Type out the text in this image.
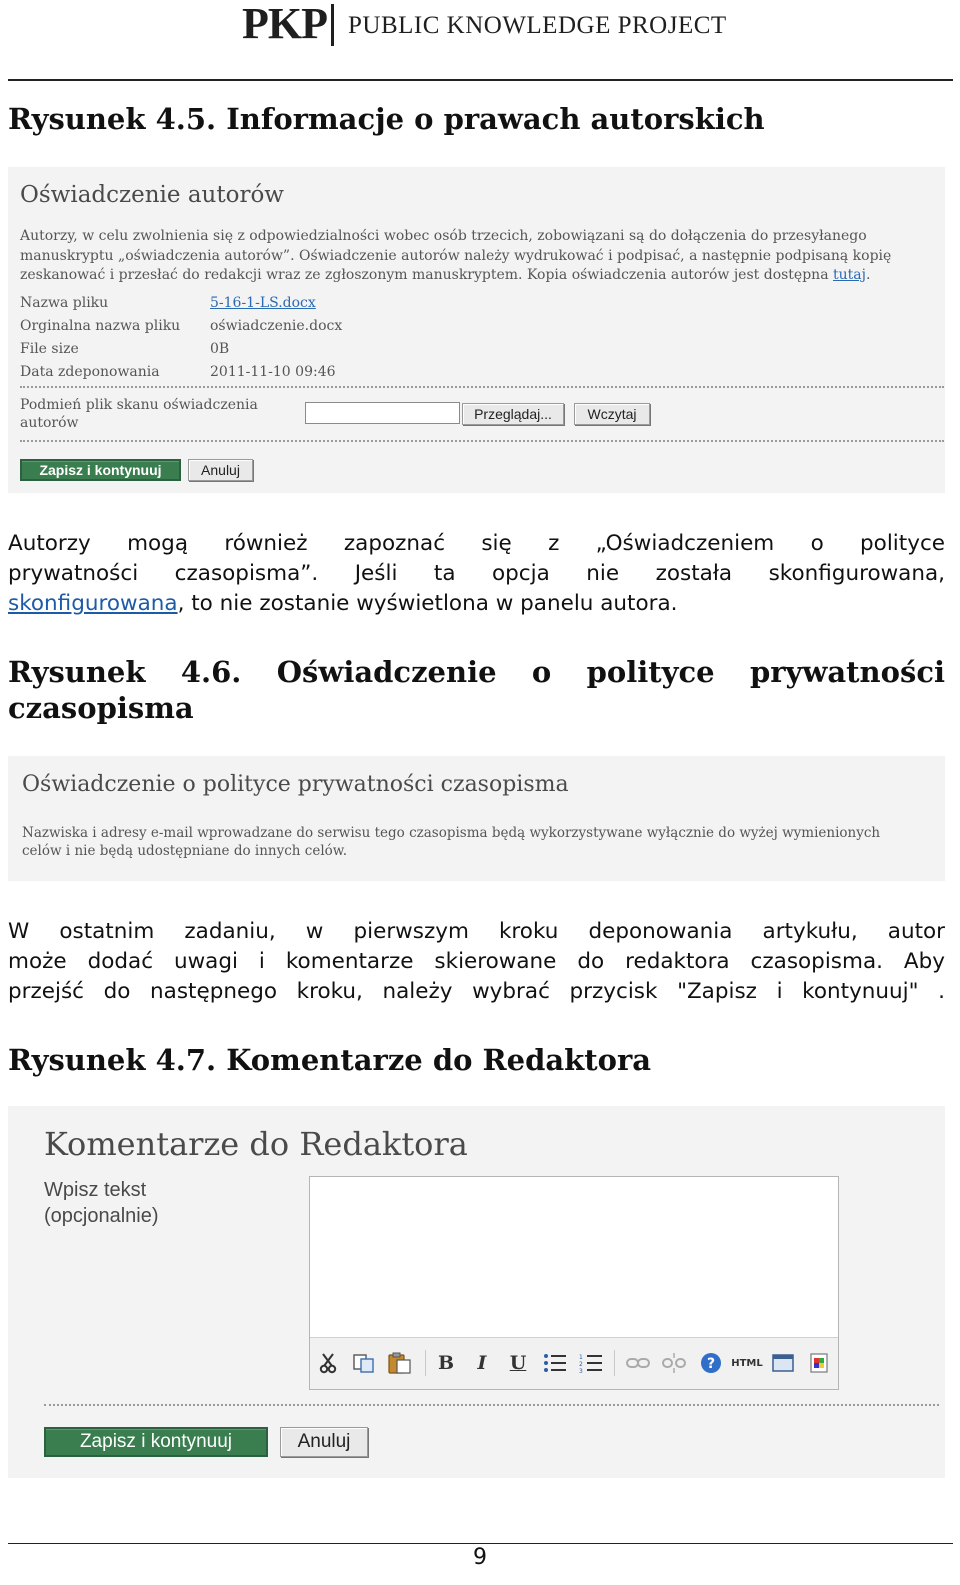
PKP PUBLIC KNOWLEDGE PROJECT
Rysunek 4.5. Informacje o prawach autorskich
Oświadczenie autorów
Autorzy, w celu zwolnienia się z odpowiedzialności wobec osób trzecich, zobowiązani są do dołączenia do przesyłanego
manuskryptu „oświadczenia autorów”. Oświadczenie autorów należy wydrukować i podpisać, a następnie podpisaną kopię
zeskanować i przesłać do redakcji wraz ze zgłoszonym manuskryptem. Kopia oświadczenia autorów jest dostępna tutaj.
Nazwa pliku	5-16-1-LS.docx
Orginalna nazwa pliku oświadczenie.docx
File size	0B
Data zdeponowania	2011-11-10 09:46
Podmień plik skanu oświadczenia
autorów
Przeglądaj...	Wczytaj
Zapisz i kontynuuj	Anuluj
Autorzy mogą również zapoznać się z „Oświadczeniem o polityce
prywatności czasopisma”. Jeśli ta opcja nie została skonfigurowana,
skonfigurowana, to nie zostanie wyświetlona w panelu autora.
Rysunek 4.6. Oświadczenie o polityce prywatności
czasopisma
Oświadczenie o polityce prywatności czasopisma
Nazwiska i adresy e-mail wprowadzane do serwisu tego czasopisma będą wykorzystywane wyłącznie do wyżej wymienionych
celów i nie będą udostępniane do innych celów.
W ostatnim zadaniu, w pierwszym kroku deponowania artykułu, autor
może dodać uwagi i komentarze skierowane do redaktora czasopisma. Aby
przejść do następnego kroku, należy wybrać przycisk "Zapisz i kontynuuj" .
Rysunek 4.7. Komentarze do Redaktora
Komentarze do Redaktora
Wpisz tekst
(opcjonalnie)
B	I	U	1
2
3	? HTML
Zapisz i kontynuuj	Anuluj
9
